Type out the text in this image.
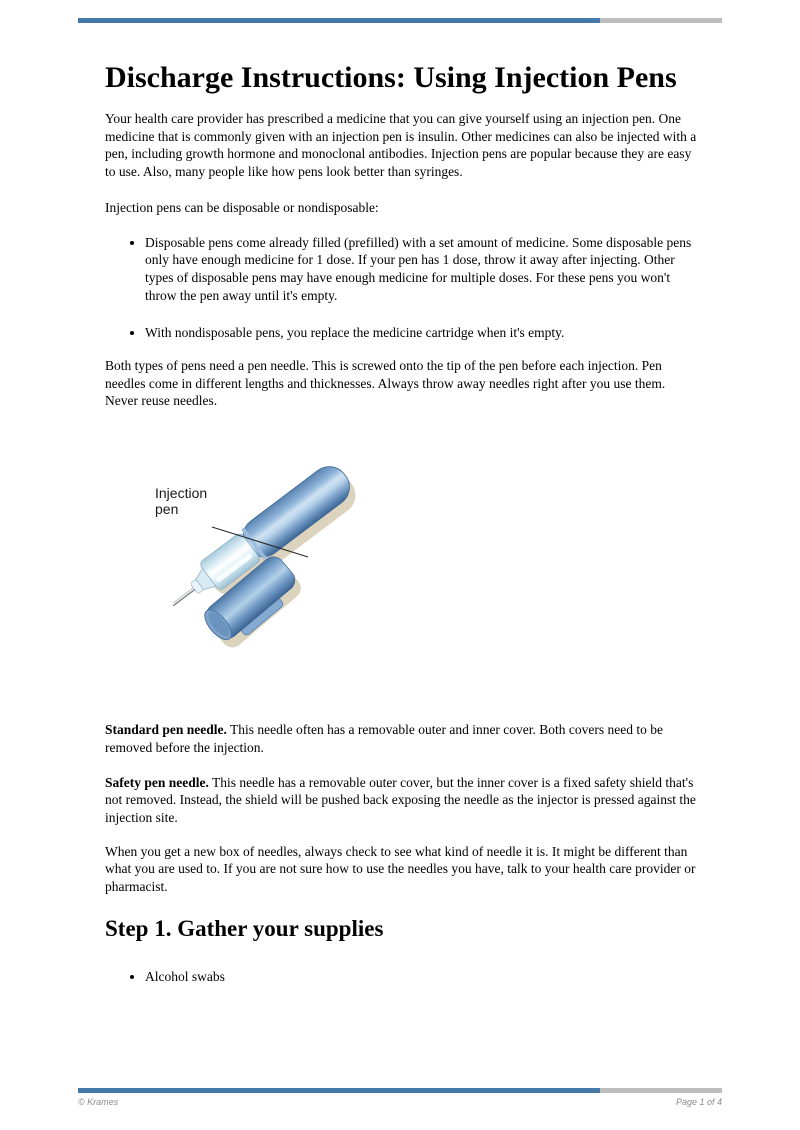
Discharge Instructions: Using Injection Pens

Your health care provider has prescribed a medicine that you can give yourself using an injection pen. One medicine that is commonly given with an injection pen is insulin. Other medicines can also be injected with a pen, including growth hormone and monoclonal antibodies. Injection pens are popular because they are easy to use. Also, many people like how pens look better than syringes.

Injection pens can be disposable or nondisposable:

• Disposable pens come already filled (prefilled) with a set amount of medicine. Some disposable pens only have enough medicine for 1 dose. If your pen has 1 dose, throw it away after injecting. Other types of disposable pens may have enough medicine for multiple doses. For these pens you won't throw the pen away until it's empty.
• With nondisposable pens, you replace the medicine cartridge when it's empty.

Both types of pens need a pen needle. This is screwed onto the tip of the pen before each injection. Pen needles come in different lengths and thicknesses. Always throw away needles right after you use them. Never reuse needles.

Injection
pen

Standard pen needle. This needle often has a removable outer and inner cover. Both covers need to be removed before the injection.

Safety pen needle. This needle has a removable outer cover, but the inner cover is a fixed safety shield that's not removed. Instead, the shield will be pushed back exposing the needle as the injector is pressed against the injection site.

When you get a new box of needles, always check to see what kind of needle it is. It might be different than what you are used to. If you are not sure how to use the needles you have, talk to your health care provider or pharmacist.

Step 1. Gather your supplies
• Alcohol swabs
© Krames	Page 1 of 4
